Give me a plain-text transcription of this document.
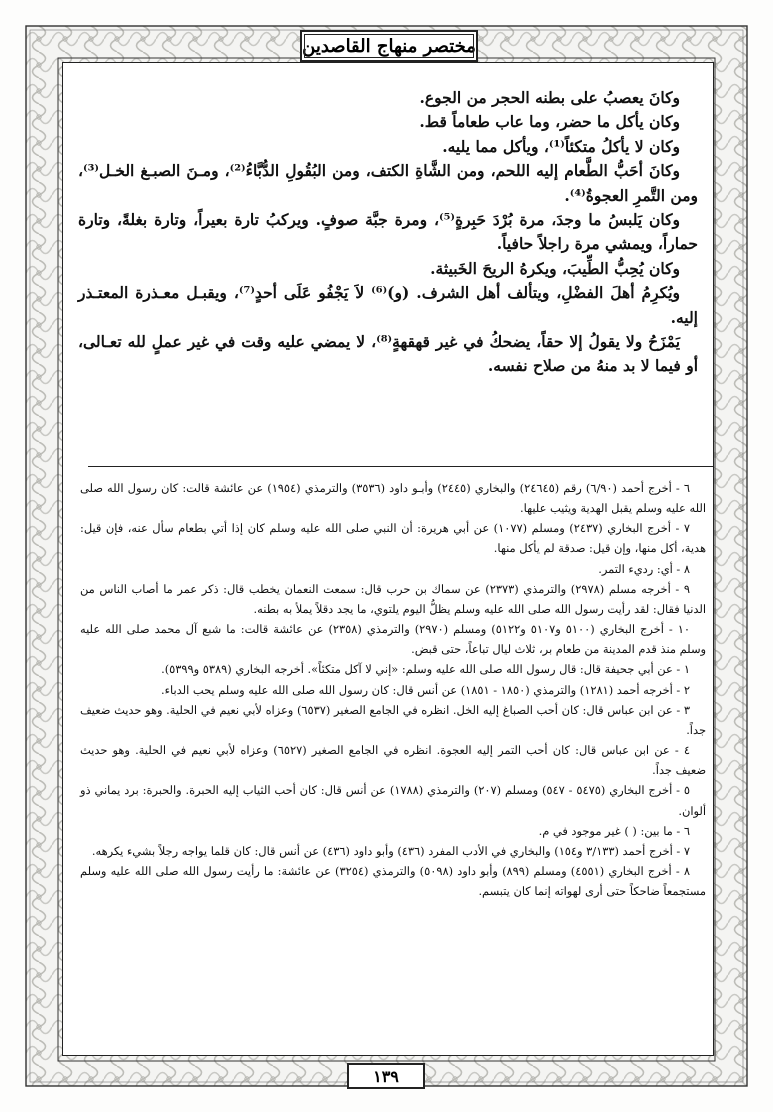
مختصر منهاج القاصدين

وكانَ يعصبُ على بطنه الحجر من الجوع.

وكان يأكل ما حضر، وما عاب طعاماً قط.

وكان لا يأكلُ متكئاً⁽¹⁾، ويأكل مما يليه.

وكانَ أحَبُّ الطَّعام إليه اللحم، ومن الشَّاةِ الكتف، ومن البُقُولِ الدُّبَّاءُ⁽²⁾، ومـنَ الصبـغ الخـل⁽³⁾، ومن التَّمرِ العجوةُ⁽⁴⁾.

وكان يَلبسُ ما وجدَ، مرة بُرْدَ حَبِرةٍ⁽⁵⁾، ومرة جبَّة صوفٍ. ويركبُ تارة بعيراً، وتارة بغلةً، وتارة حماراً، ويمشي مرة راجلاً حافياً.

وكان يُحِبُّ الطِّيبَ، ويكرهُ الريحَ الخَبيثة.

ويُكرِمُ أهلَ الفضْلِ، ويتألف أهل الشرف. (و)⁽⁶⁾ لاَ يَجْفُو عَلَى أحدٍ⁽⁷⁾، ويقبـل معـذرة المعتـذر إليه.

يَمْزَحُ ولا يقولُ إلا حقاً، يضحكُ في غير قهقهةٍ⁽⁸⁾، لا يمضي عليه وقت في غير عملٍ لله تعـالى، أو فيما لا بد منهُ من صلاح نفسه.

٦ - أخرج أحمد (٦/٩٠) رقم (٢٤٦٤٥) والبخاري (٢٤٤٥) وأبـو داود (٣٥٣٦) والترمذي (١٩٥٤) عن عائشة قالت: كان رسول الله صلى الله عليه وسلم يقبل الهدية ويثيب عليها.

٧ - أخرج البخاري (٢٤٣٧) ومسلم (١٠٧٧) عن أبي هريرة: أن النبي صلى الله عليه وسلم كان إذا أتي بطعام سأل عنه، فإن قيل: هدية، أكل منها، وإن قيل: صدقة لم يأكل منها.

٨ - أي: رديء التمر.

٩ - أخرجه مسلم (٢٩٧٨) والترمذي (٢٣٧٣) عن سماك بن حرب قال: سمعت النعمان يخطب قال: ذكر عمر ما أصاب الناس من الدنيا فقال: لقد رأيت رسول الله صلى الله عليه وسلم يظلُّ اليوم يلتوي، ما يجد دقلاً يملأ به بطنه.

١٠ - أخرج البخاري (٥١٠٠ و٥١٠٧ و٥١٢٢) ومسلم (٢٩٧٠) والترمذي (٢٣٥٨) عن عائشة قالت: ما شبع آل محمد صلى الله عليه وسلم منذ قدم المدينة من طعام بر، ثلاث ليال تباعاً، حتى قبض.

١ - عن أبي جحيفة قال: قال رسول الله صلى الله عليه وسلم: «إني لا آكل متكئاً». أخرجه البخاري (٥٣٨٩ و٥٣٩٩).

٢ - أخرجه أحمد (١٢٨١) والترمذي (١٨٥٠ - ١٨٥١) عن أنس قال: كان رسول الله صلى الله عليه وسلم يحب الدباء.

٣ - عن ابن عباس قال: كان أحب الصباغ إليه الخل. انظره في الجامع الصغير (٦٥٣٧) وعزاه لأبي نعيم في الحلية. وهو حديث ضعيف جداً.

٤ - عن ابن عباس قال: كان أحب التمر إليه العجوة. انظره في الجامع الصغير (٦٥٢٧) وعزاه لأبي نعيم في الحلية. وهو حديث ضعيف جداً.

٥ - أخرج البخاري (٥٤٧٥ - ٥٤٧) ومسلم (٢٠٧) والترمذي (١٧٨٨) عن أنس قال: كان أحب الثياب إليه الحبرة. والحبرة: برد يماني ذو ألوان.

٦ - ما بين: ( ) غير موجود في م.

٧ - أخرج أحمد (٣/١٣٣ و١٥٤) والبخاري في الأدب المفرد (٤٣٦) وأبو داود (٤٣٦) عن أنس قال: كان قلما يواجه رجلاً بشيء يكرهه.

٨ - أخرج البخاري (٤٥٥١) ومسلم (٨٩٩) وأبو داود (٥٠٩٨) والترمذي (٣٢٥٤) عن عائشة: ما رأيت رسول الله صلى الله عليه وسلم مستجمعاً ضاحكاً حتى أرى لهواته إنما كان يتبسم.

١٣٩
